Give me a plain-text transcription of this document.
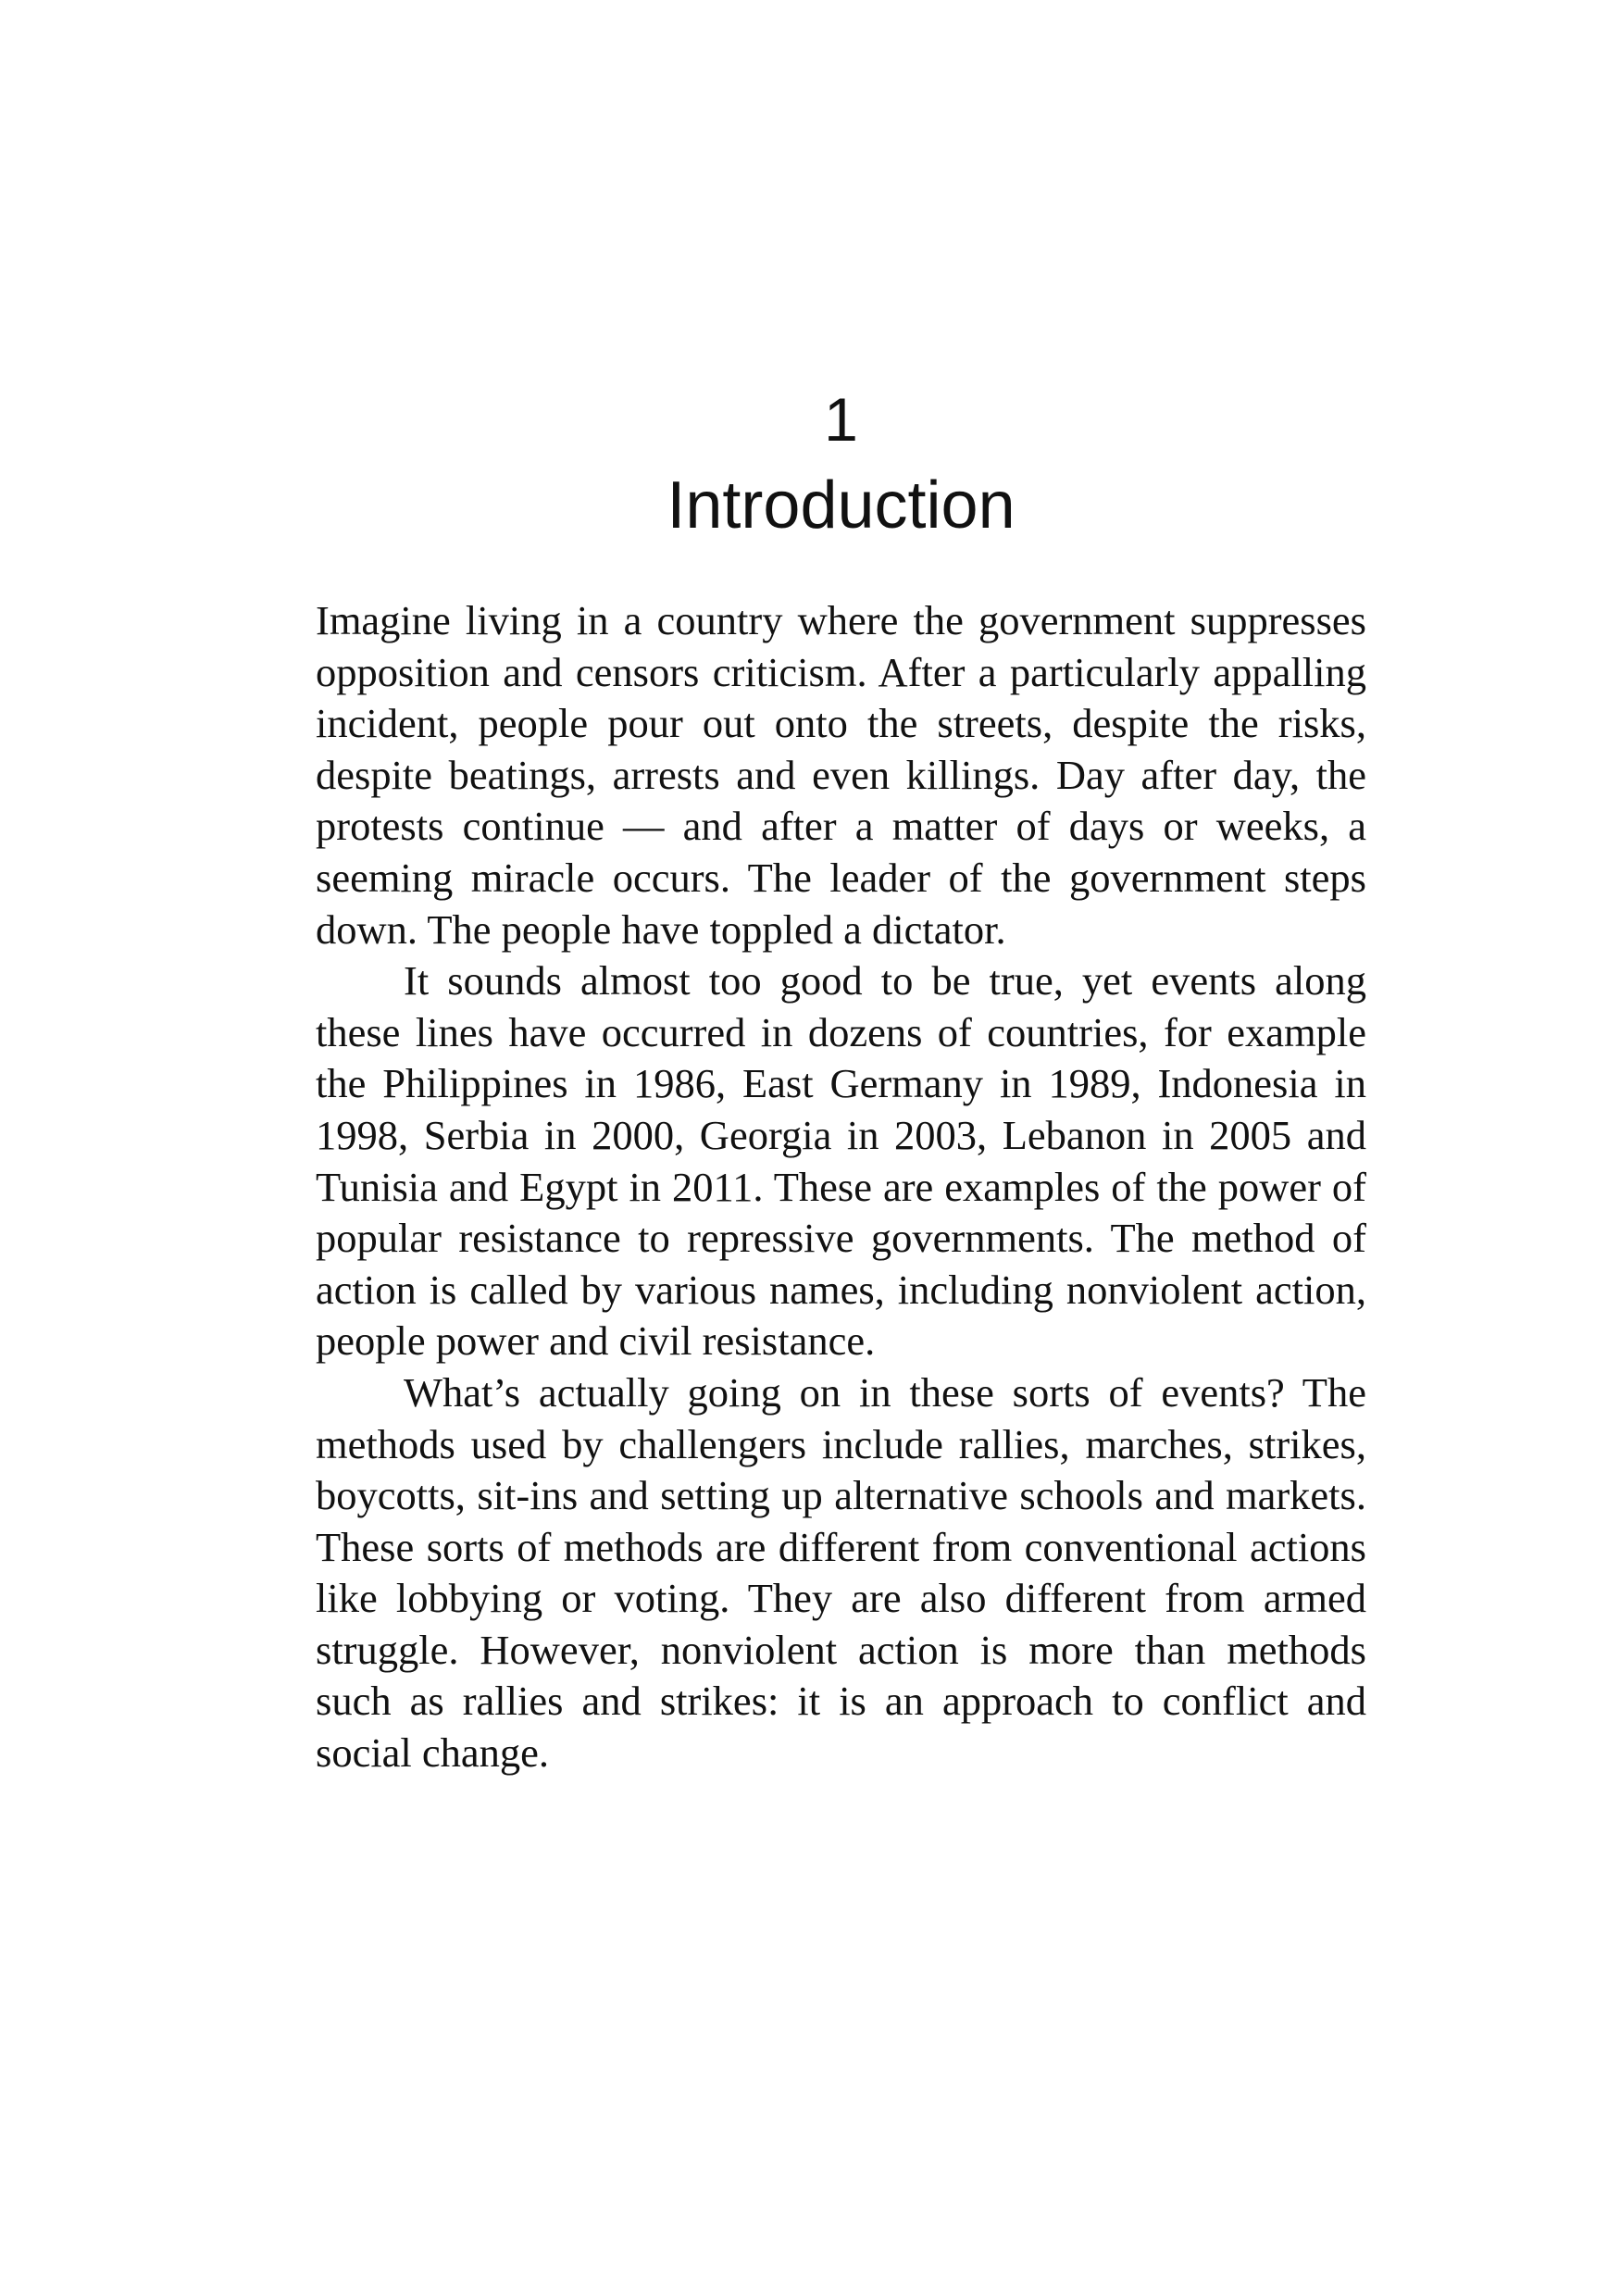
1
Introduction

Imagine living in a country where the government suppresses opposition and censors criticism. After a particularly appalling incident, people pour out onto the streets, despite the risks, despite beatings, arrests and even killings. Day after day, the protests continue — and after a matter of days or weeks, a seeming miracle occurs. The leader of the government steps down. The people have toppled a dictator.

It sounds almost too good to be true, yet events along these lines have occurred in dozens of countries, for example the Philippines in 1986, East Germany in 1989, Indonesia in 1998, Serbia in 2000, Georgia in 2003, Lebanon in 2005 and Tunisia and Egypt in 2011. These are examples of the power of popular resistance to repressive governments. The method of action is called by various names, including nonviolent action, people power and civil resistance.

What’s actually going on in these sorts of events? The methods used by challengers include rallies, marches, strikes, boycotts, sit-ins and setting up alternative schools and markets. These sorts of methods are different from conventional actions like lobbying or voting. They are also different from armed struggle. However, nonviolent action is more than methods such as rallies and strikes: it is an approach to conflict and social change.
